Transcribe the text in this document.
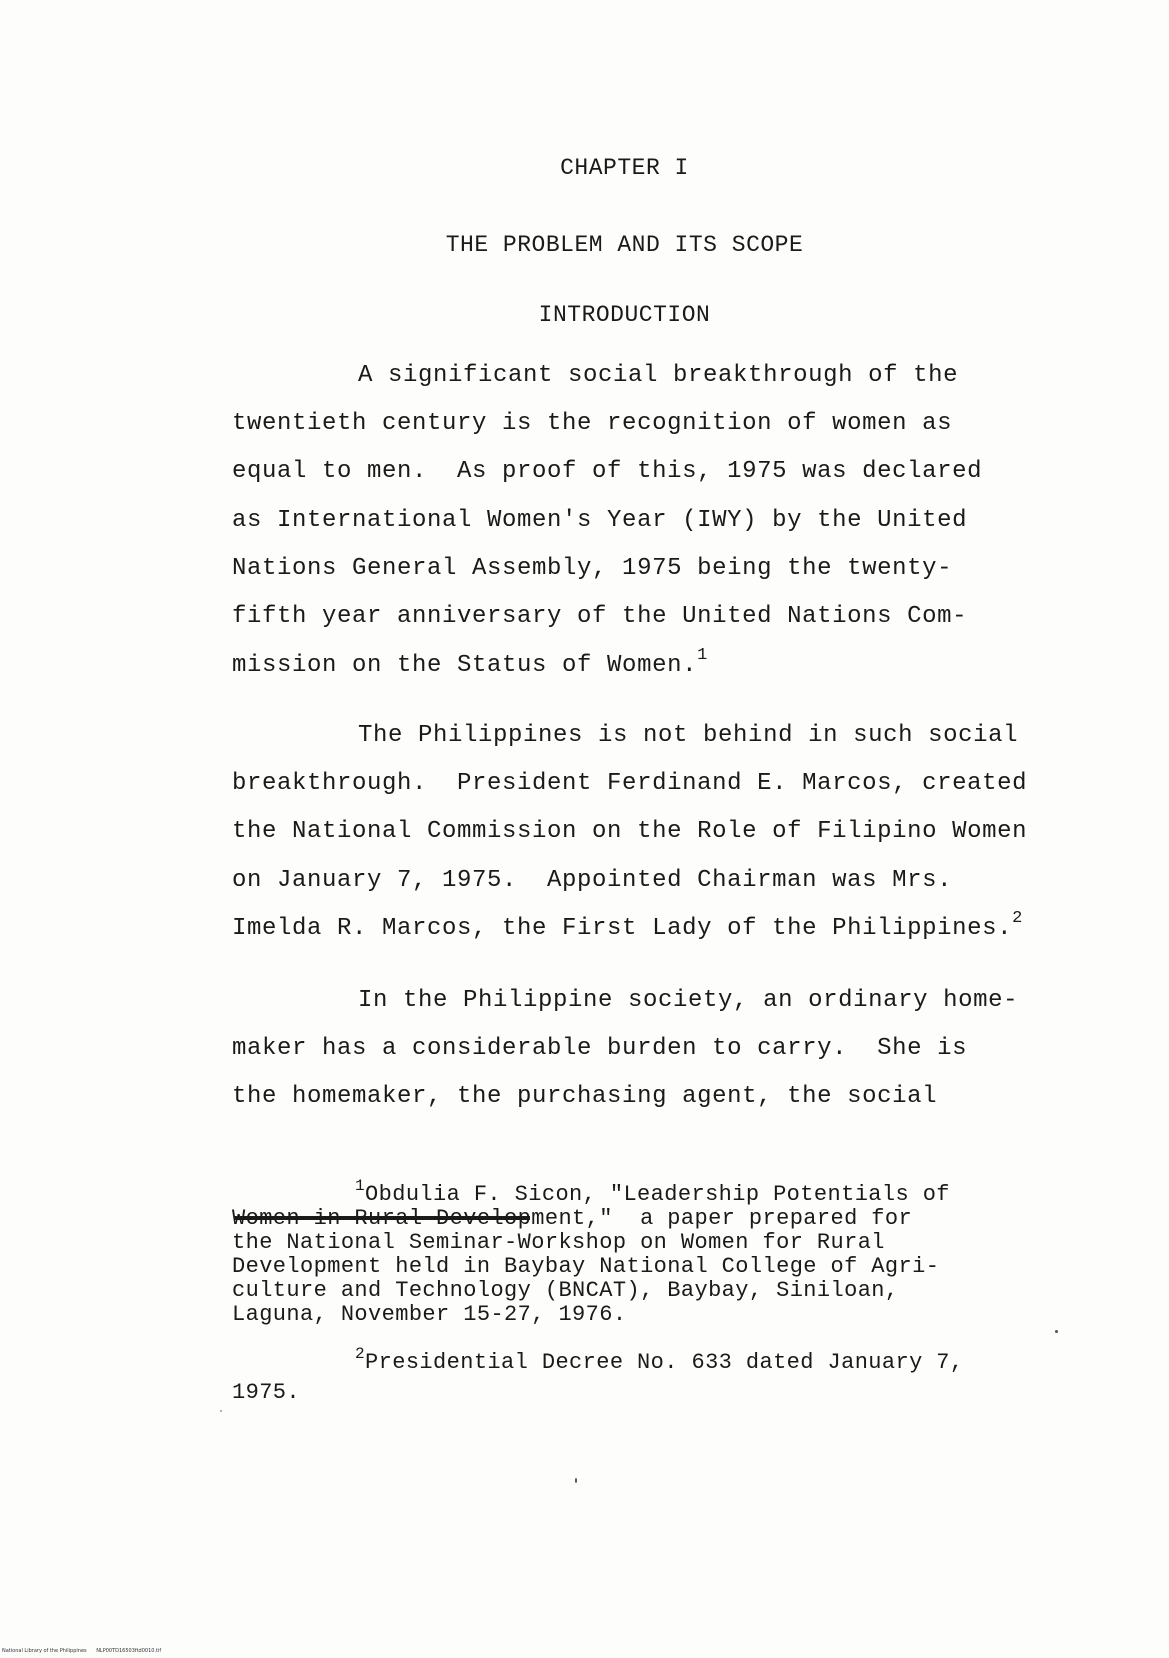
CHAPTER I
THE PROBLEM AND ITS SCOPE
INTRODUCTION
A significant social breakthrough of the
twentieth century is the recognition of women as
equal to men.  As proof of this, 1975 was declared
as International Women's Year (IWY) by the United
Nations General Assembly, 1975 being the twenty-
fifth year anniversary of the United Nations Com-
mission on the Status of Women.$^1$
The Philippines is not behind in such social
breakthrough.  President Ferdinand E. Marcos, created
the National Commission on the Role of Filipino Women
on January 7, 1975.  Appointed Chairman was Mrs.
Imelda R. Marcos, the First Lady of the Philippines.$^2$
In the Philippine society, an ordinary home-
maker has a considerable burden to carry.  She is
the homemaker, the purchasing agent, the social
$^1$Obdulia F. Sicon, "Leadership Potentials of
Women in Rural Development,"  a paper prepared for
the National Seminar-Workshop on Women for Rural
Development held in Baybay National College of Agri-
culture and Technology (BNCAT), Baybay, Siniloan,
Laguna, November 15-27, 1976.
$^2$Presidential Decree No. 633 dated January 7,
1975.
National Library of the Philippines NLP00TD16503ftd0010.tif
